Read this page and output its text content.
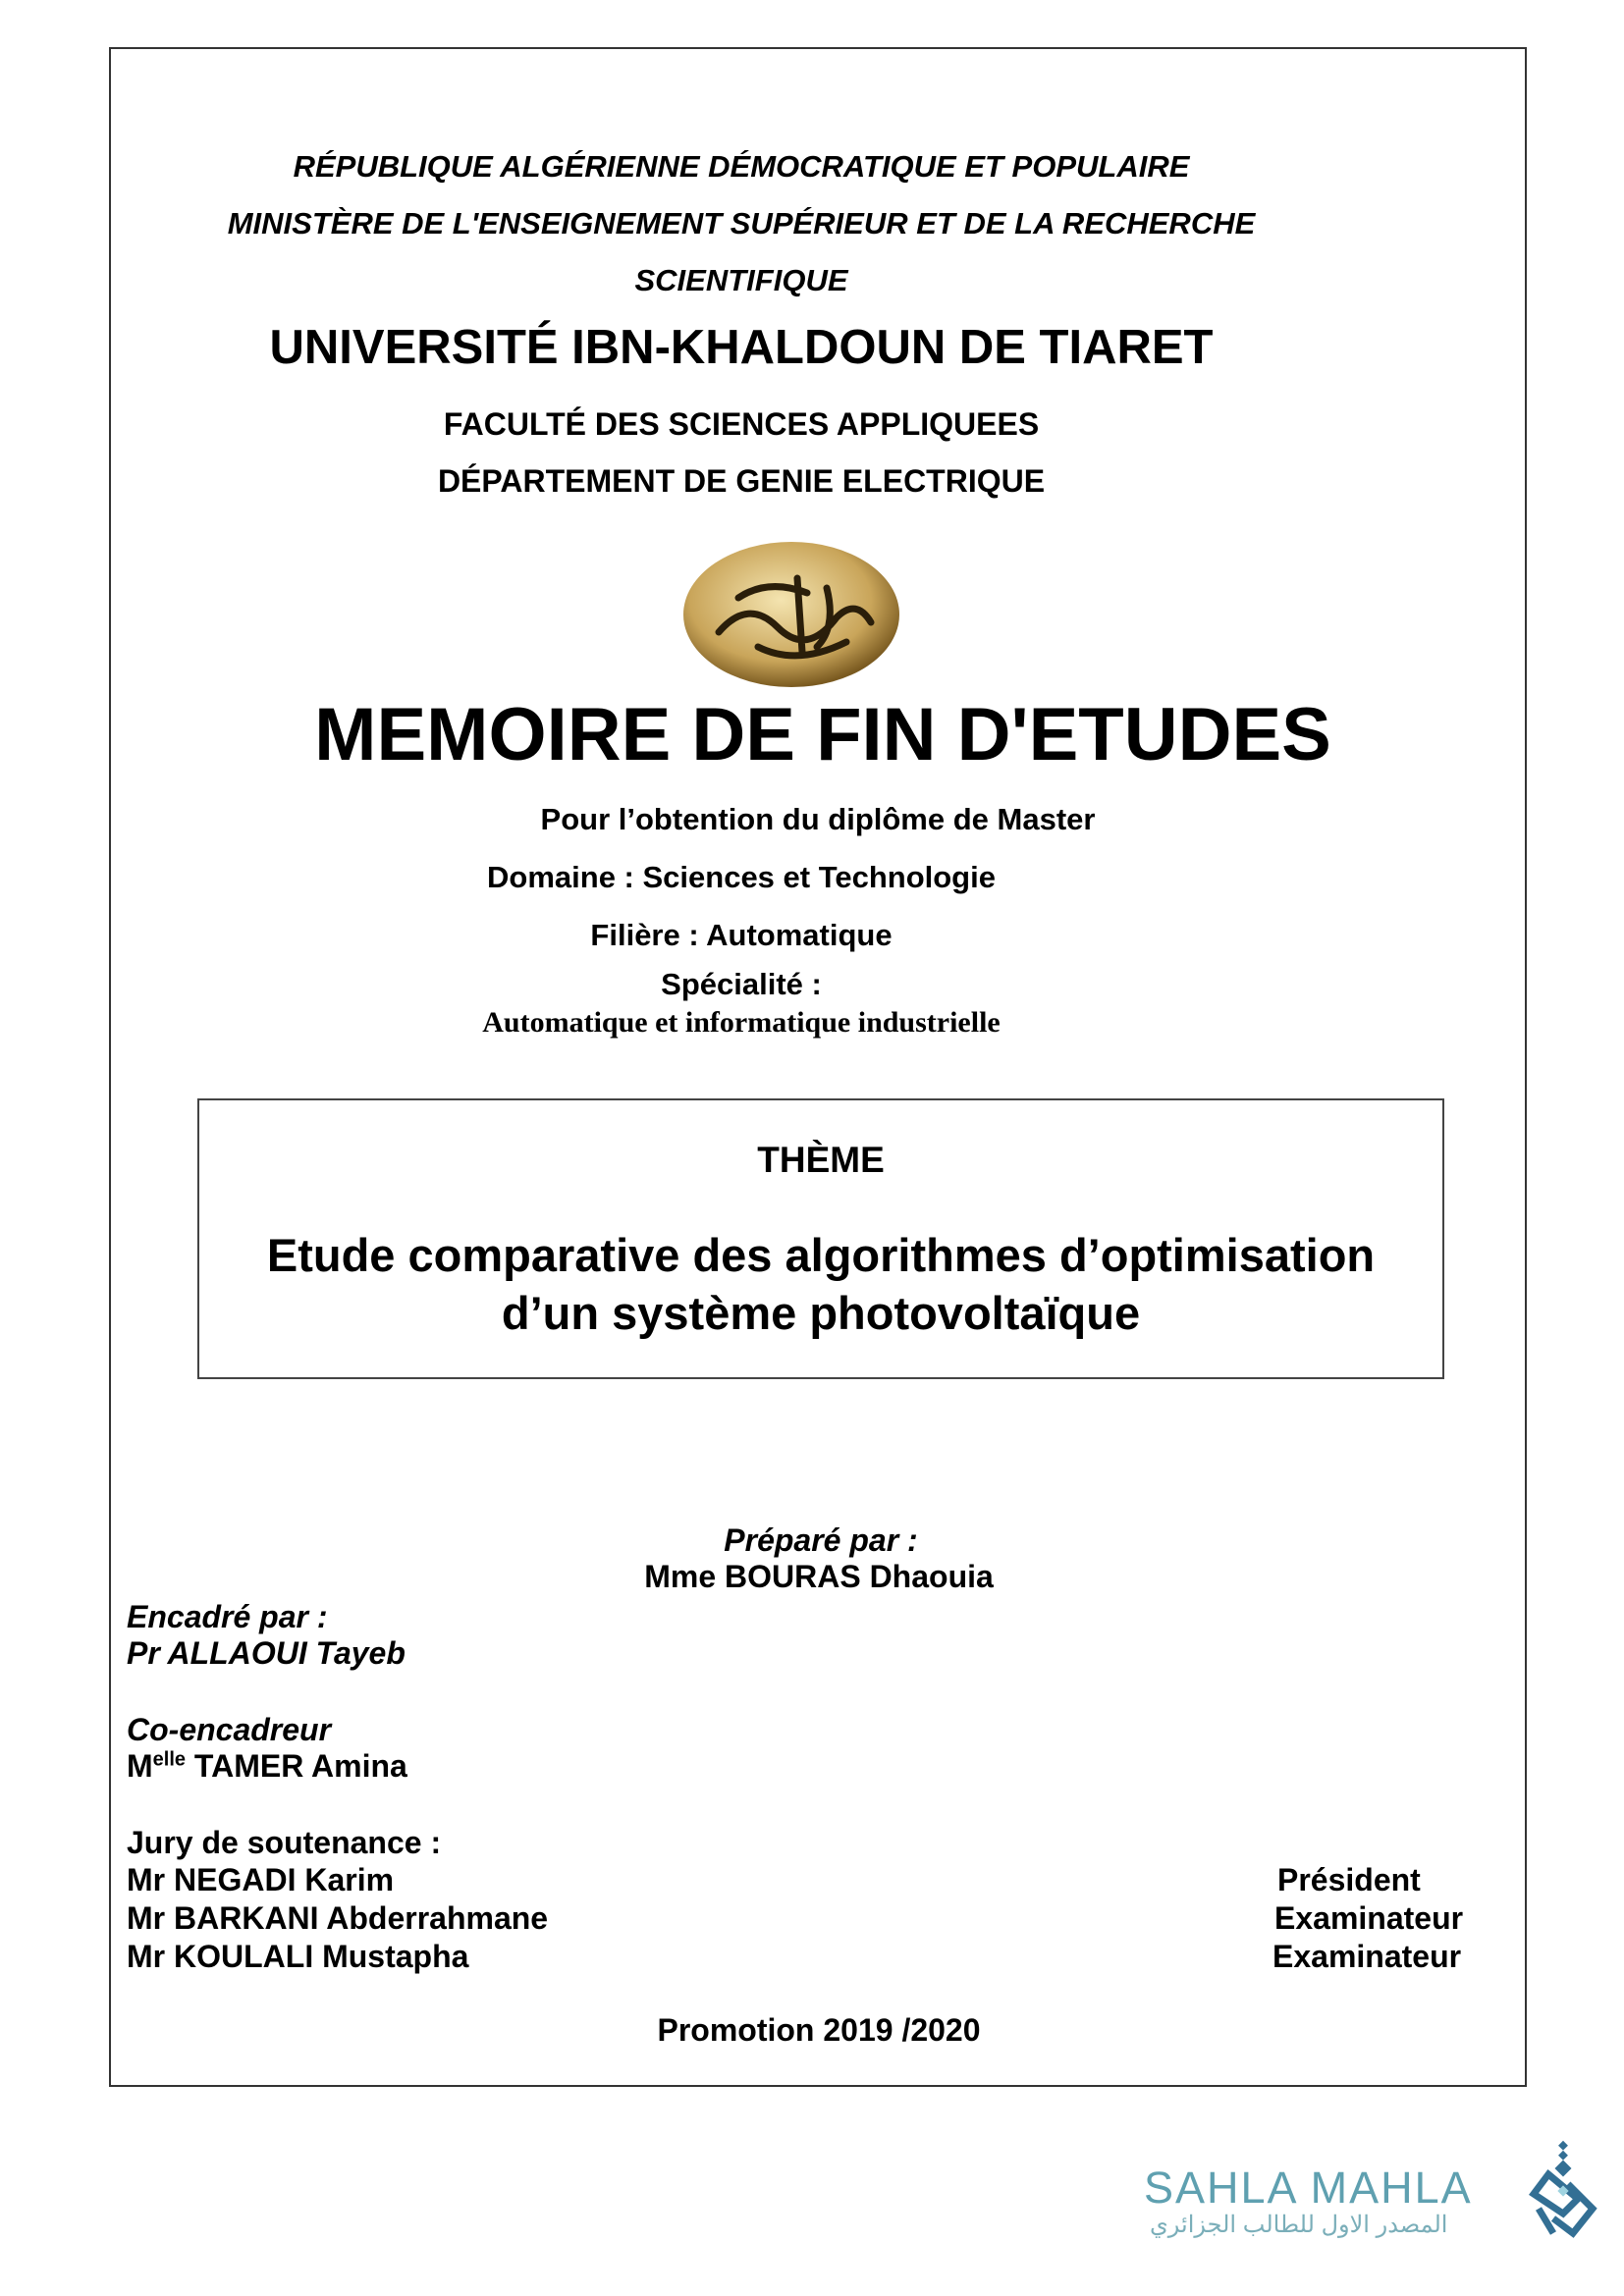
RÉPUBLIQUE ALGÉRIENNE DÉMOCRATIQUE ET POPULAIRE
MINISTÈRE DE L'ENSEIGNEMENT SUPÉRIEUR ET DE LA RECHERCHE
SCIENTIFIQUE
UNIVERSITÉ IBN-KHALDOUN DE TIARET
FACULTÉ DES SCIENCES APPLIQUEES
DÉPARTEMENT DE GENIE ELECTRIQUE
MEMOIRE DE FIN D'ETUDES
Pour l’obtention du diplôme de Master
Domaine : Sciences et Technologie
Filière : Automatique
Spécialité :
Automatique et informatique industrielle
THÈME
Etude comparative des algorithmes d’optimisation
d’un système photovoltaïque
Préparé par :
Mme BOURAS Dhaouia
Encadré par :
Pr ALLAOUI Tayeb
Co-encadreur
$M^{elle}$ TAMER Amina
Jury de soutenance :
Mr NEGADI Karim	Président
Mr BARKANI Abderrahmane	Examinateur
Mr KOULALI Mustapha	Examinateur
Promotion 2019 /2020
SAHLA MAHLA
المصدر الاول للطالب الجزائري
